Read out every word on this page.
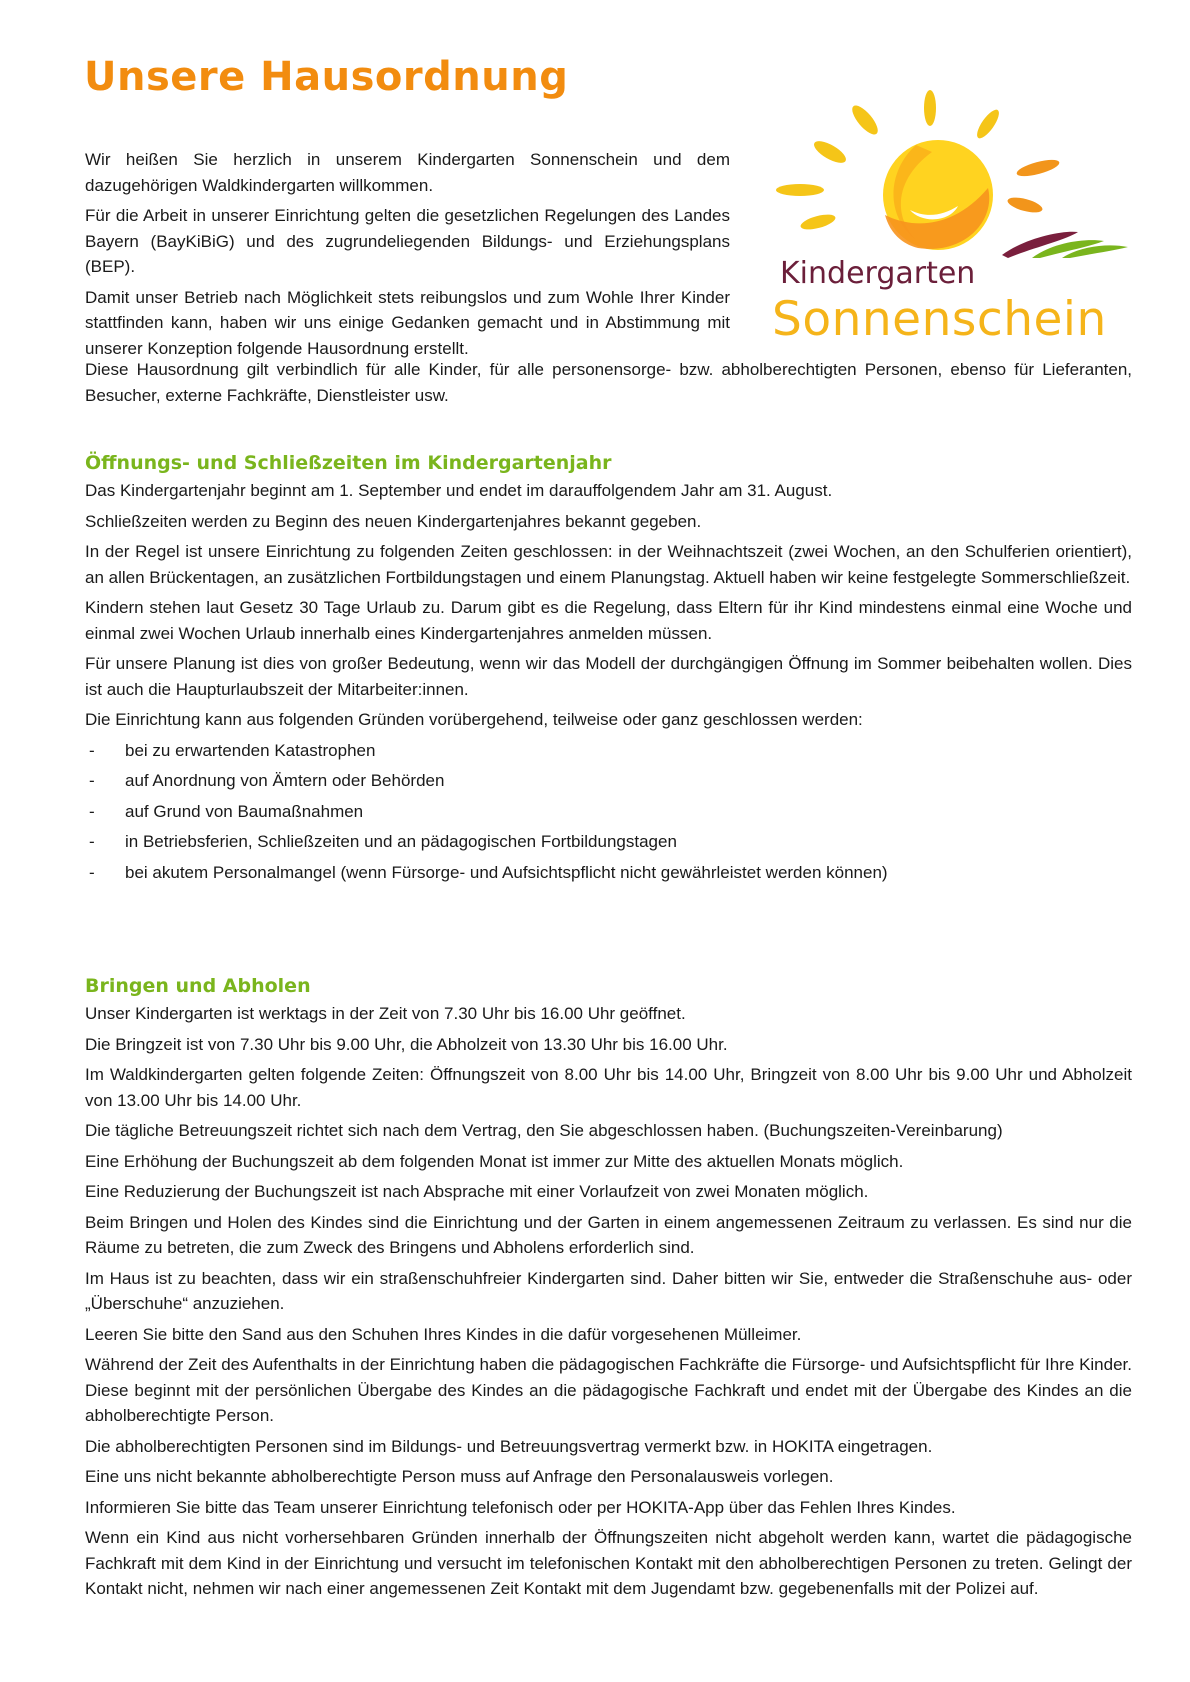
Unsere Hausordnung

Kindergarten

Sonnenschein

Wir heißen Sie herzlich in unserem Kindergarten Sonnenschein und dem dazugehörigen Waldkindergarten willkommen.

Für die Arbeit in unserer Einrichtung gelten die gesetzlichen Regelungen des Landes Bayern (BayKiBiG) und des zugrundeliegenden Bildungs- und Erziehungsplans (BEP).

Damit unser Betrieb nach Möglichkeit stets reibungslos und zum Wohle Ihrer Kinder stattfinden kann, haben wir uns einige Gedanken gemacht und in Abstimmung mit unserer Konzeption folgende Hausordnung erstellt.

Diese Hausordnung gilt verbindlich für alle Kinder, für alle personensorge- bzw. abholberechtigten Personen, ebenso für Lieferanten, Besucher, externe Fachkräfte, Dienstleister usw.

Öffnungs- und Schließzeiten im Kindergartenjahr

Das Kindergartenjahr beginnt am 1. September und endet im darauffolgendem Jahr am 31. August.

Schließzeiten werden zu Beginn des neuen Kindergartenjahres bekannt gegeben.

In der Regel ist unsere Einrichtung zu folgenden Zeiten geschlossen: in der Weihnachtszeit (zwei Wochen, an den Schulferien orientiert), an allen Brückentagen, an zusätzlichen Fortbildungstagen und einem Planungstag. Aktuell haben wir keine festgelegte Sommerschließzeit.

Kindern stehen laut Gesetz 30 Tage Urlaub zu. Darum gibt es die Regelung, dass Eltern für ihr Kind mindestens einmal eine Woche und einmal zwei Wochen Urlaub innerhalb eines Kindergartenjahres anmelden müssen.

Für unsere Planung ist dies von großer Bedeutung, wenn wir das Modell der durchgängigen Öffnung im Sommer beibehalten wollen. Dies ist auch die Haupturlaubszeit der Mitarbeiter:innen.

Die Einrichtung kann aus folgenden Gründen vorübergehend, teilweise oder ganz geschlossen werden:

- bei zu erwartenden Katastrophen
- auf Anordnung von Ämtern oder Behörden
- auf Grund von Baumaßnahmen
- in Betriebsferien, Schließzeiten und an pädagogischen Fortbildungstagen
- bei akutem Personalmangel (wenn Fürsorge- und Aufsichtspflicht nicht gewährleistet werden können)
Bringen und Abholen

Unser Kindergarten ist werktags in der Zeit von 7.30 Uhr bis 16.00 Uhr geöffnet.

Die Bringzeit ist von 7.30 Uhr bis 9.00 Uhr, die Abholzeit von 13.30 Uhr bis 16.00 Uhr.

Im Waldkindergarten gelten folgende Zeiten: Öffnungszeit von 8.00 Uhr bis 14.00 Uhr, Bringzeit von 8.00 Uhr bis 9.00 Uhr und Abholzeit von 13.00 Uhr bis 14.00 Uhr.

Die tägliche Betreuungszeit richtet sich nach dem Vertrag, den Sie abgeschlossen haben. (Buchungszeiten-Vereinbarung)

Eine Erhöhung der Buchungszeit ab dem folgenden Monat ist immer zur Mitte des aktuellen Monats möglich.

Eine Reduzierung der Buchungszeit ist nach Absprache mit einer Vorlaufzeit von zwei Monaten möglich.

Beim Bringen und Holen des Kindes sind die Einrichtung und der Garten in einem angemessenen Zeitraum zu verlassen. Es sind nur die Räume zu betreten, die zum Zweck des Bringens und Abholens erforderlich sind.

Im Haus ist zu beachten, dass wir ein straßenschuhfreier Kindergarten sind. Daher bitten wir Sie, entweder die Straßenschuhe aus- oder „Überschuhe“ anzuziehen.

Leeren Sie bitte den Sand aus den Schuhen Ihres Kindes in die dafür vorgesehenen Mülleimer.

Während der Zeit des Aufenthalts in der Einrichtung haben die pädagogischen Fachkräfte die Fürsorge- und Aufsichtspflicht für Ihre Kinder. Diese beginnt mit der persönlichen Übergabe des Kindes an die pädagogische Fachkraft und endet mit der Übergabe des Kindes an die abholberechtigte Person.

Die abholberechtigten Personen sind im Bildungs- und Betreuungsvertrag vermerkt bzw. in HOKITA eingetragen.

Eine uns nicht bekannte abholberechtigte Person muss auf Anfrage den Personalausweis vorlegen.

Informieren Sie bitte das Team unserer Einrichtung telefonisch oder per HOKITA-App über das Fehlen Ihres Kindes.

Wenn ein Kind aus nicht vorhersehbaren Gründen innerhalb der Öffnungszeiten nicht abgeholt werden kann, wartet die pädagogische Fachkraft mit dem Kind in der Einrichtung und versucht im telefonischen Kontakt mit den abholberechtigen Personen zu treten. Gelingt der Kontakt nicht, nehmen wir nach einer angemessenen Zeit Kontakt mit dem Jugendamt bzw. gegebenenfalls mit der Polizei auf.
